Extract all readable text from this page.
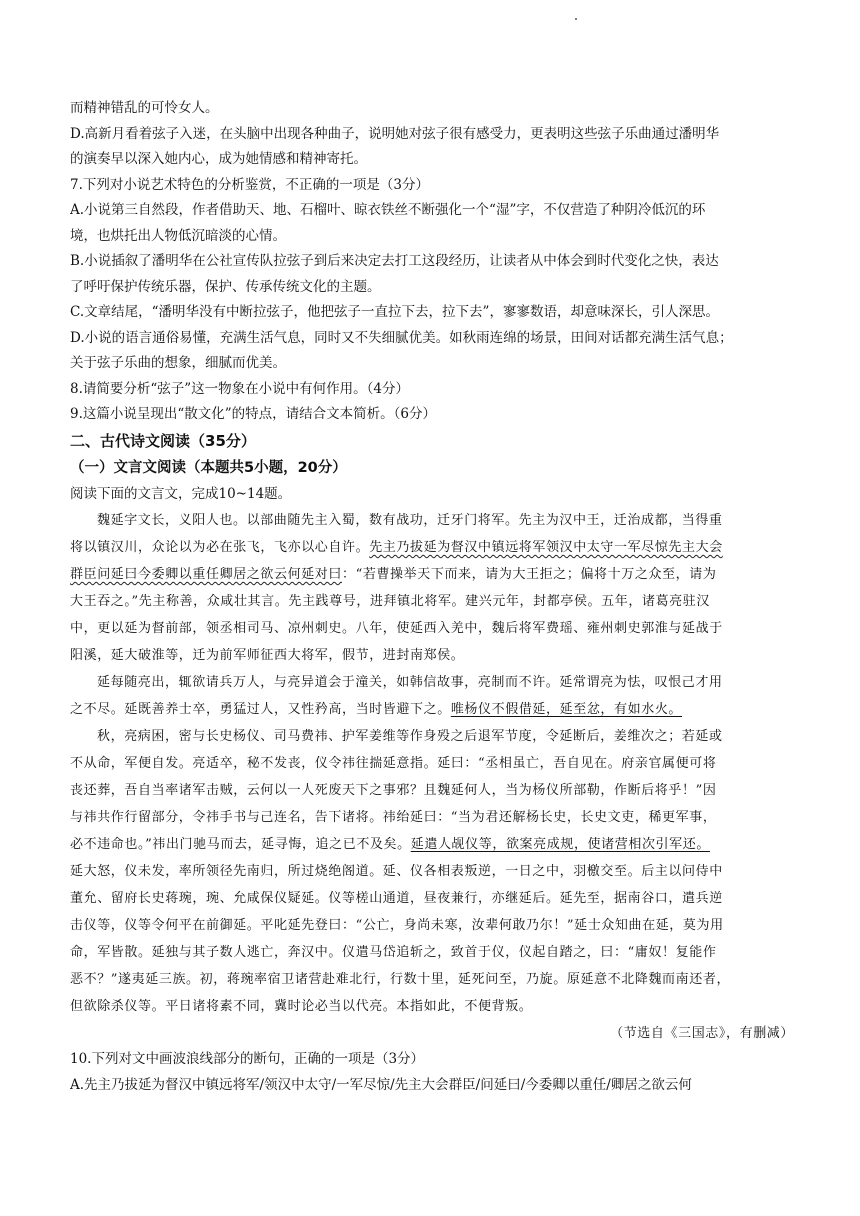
而精神错乱的可怜女人。
D.高新月看着弦子入迷，在头脑中出现各种曲子，说明她对弦子很有感受力，更表明这些弦子乐曲通过潘明华
的演奏早以深入她内心，成为她情感和精神寄托。
7.下列对小说艺术特色的分析鉴赏，不正确的一项是（3分）
A.小说第三自然段，作者借助天、地、石榴叶、晾衣铁丝不断强化一个“湿”字，不仅营造了种阴冷低沉的环
境，也烘托出人物低沉暗淡的心情。
B.小说插叙了潘明华在公社宣传队拉弦子到后来决定去打工这段经历，让读者从中体会到时代变化之快，表达
了呼吁保护传统乐器，保护、传承传统文化的主题。
C.文章结尾，“潘明华没有中断拉弦子，他把弦子一直拉下去，拉下去”，寥寥数语，却意味深长，引人深思。
D.小说的语言通俗易懂，充满生活气息，同时又不失细腻优美。如秋雨连绵的场景，田间对话都充满生活气息；
关于弦子乐曲的想象，细腻而优美。
8.请简要分析“弦子”这一物象在小说中有何作用。（4分）
9.这篇小说呈现出“散文化”的特点，请结合文本简析。（6分）
二、古代诗文阅读（35分）
（一）文言文阅读（本题共5小题，20分）
阅读下面的文言文，完成10~14题。
魏延字文长，义阳人也。以部曲随先主入蜀，数有战功，迁牙门将军。先主为汉中王，迁治成都，当得重
将以镇汉川，众论以为必在张飞，飞亦以心自许。先主乃拔延为督汉中镇远将军领汉中太守一军尽惊先主大会
群臣问延曰今委卿以重任卿居之欲云何延对曰：“若曹操举天下而来，请为大王拒之；偏将十万之众至，请为
大王吞之。”先主称善，众咸壮其言。先主践尊号，进拜镇北将军。建兴元年，封都亭侯。五年，诸葛亮驻汉
中，更以延为督前部，领丞相司马、凉州刺史。八年，使延西入羌中，魏后将军费瑶、雍州刺史郭淮与延战于
阳溪，延大破淮等，迁为前军师征西大将军，假节，进封南郑侯。
延每随亮出，辄欲请兵万人，与亮异道会于潼关，如韩信故事，亮制而不许。延常谓亮为怯，叹恨己才用
之不尽。延既善养士卒，勇猛过人，又性矜高，当时皆避下之。唯杨仪不假借延，延至忿，有如水火。
秋，亮病困，密与长史杨仪、司马费祎、护军姜维等作身殁之后退军节度，令延断后，姜维次之；若延或
不从命，军便自发。亮适卒，秘不发丧，仪令祎往揣延意指。延曰：“丞相虽亡，吾自见在。府亲官属便可将
丧还葬，吾自当率诸军击贼，云何以一人死废天下之事邪？且魏延何人，当为杨仪所部勒，作断后将乎！”因
与祎共作行留部分，令祎手书与己连名，告下诸将。祎绐延曰：“当为君还解杨长史，长史文吏，稀更军事，
必不违命也。”祎出门驰马而去，延寻悔，追之已不及矣。延遣人觇仪等，欲案亮成规，使诸营相次引军还。
延大怒，仪未发，率所领径先南归，所过烧绝阁道。延、仪各相表叛逆，一日之中，羽檄交至。后主以问侍中
董允、留府长史蒋琬，琬、允咸保仪疑延。仪等槎山通道，昼夜兼行，亦继延后。延先至，据南谷口，遣兵逆
击仪等，仪等令何平在前御延。平叱延先登曰：“公亡，身尚未寒，汝辈何敢乃尔！”延士众知曲在延，莫为用
命，军皆散。延独与其子数人逃亡，奔汉中。仪遣马岱追斩之，致首于仪，仪起自踏之，曰：“庸奴！复能作
恶不？”遂夷延三族。初，蒋琬率宿卫诸营赴难北行，行数十里，延死问至，乃旋。原延意不北降魏而南还者，
但欲除杀仪等。平日诸将素不同，冀时论必当以代亮。本指如此，不便背叛。
（节选自《三国志》，有删减）
10.下列对文中画波浪线部分的断句，正确的一项是（3分）
A.先主乃拔延为督汉中镇远将军/领汉中太守/一军尽惊/先主大会群臣/问延曰/今委卿以重任/卿居之欲云何
